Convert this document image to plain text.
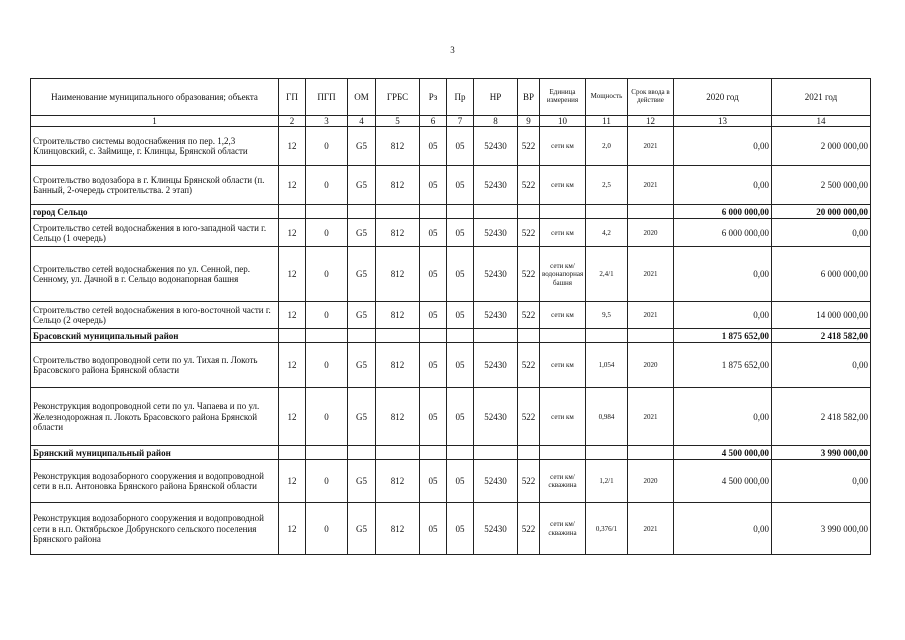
3
Наименование муниципального образования; объекта	ГП	ПГП	ОМ	ГРБС	Рз	Пр	НР	ВР	Единица измерения	Мощность	Срок ввода в действие	2020 год	2021 год
1	2	3	4	5	6	7	8	9	10	11	12	13	14
Строительство системы водоснабжения по пер. 1,2,3 Клинцовский, с. Займище, г. Клинцы, Брянской области	12	0	G5	812	05	05	52430	522	сети км	2,0	2021	0,00	2 000 000,00
Строительство водозабора в г. Клинцы Брянской области (п. Банный, 2-очередь строительства. 2 этап)	12	0	G5	812	05	05	52430	522	сети км	2,5	2021	0,00	2 500 000,00
город Сельцо												6 000 000,00	20 000 000,00
Строительство сетей водоснабжения в юго-западной части г. Сельцо (1 очередь)	12	0	G5	812	05	05	52430	522	сети км	4,2	2020	6 000 000,00	0,00
Строительство сетей водоснабжения по ул. Сенной, пер. Сенному, ул. Дачной в г. Сельцо водонапорная башня	12	0	G5	812	05	05	52430	522	сети км/водонапорная башня	2,4/1	2021	0,00	6 000 000,00
Строительство сетей водоснабжения в юго-восточной части г. Сельцо (2 очередь)	12	0	G5	812	05	05	52430	522	сети км	9,5	2021	0,00	14 000 000,00
Брасовский муниципальный район												1 875 652,00	2 418 582,00
Строительство водопроводной сети по ул. Тихая п. Локоть Брасовского района Брянской области	12	0	G5	812	05	05	52430	522	сети км	1,054	2020	1 875 652,00	0,00
Реконструкция водопроводной сети по ул. Чапаева и по ул. Железнодорожная п. Локоть Брасовского района Брянской области	12	0	G5	812	05	05	52430	522	сети км	0,984	2021	0,00	2 418 582,00
Брянский муниципальный район												4 500 000,00	3 990 000,00
Реконструкция водозаборного сооружения и водопроводной сети в н.п. Антоновка Брянского района Брянской области	12	0	G5	812	05	05	52430	522	сети км/скважина	1,2/1	2020	4 500 000,00	0,00
Реконструкция водозаборного сооружения и водопроводной сети в н.п. Октябрьское Добрунского сельского поселения Брянского района	12	0	G5	812	05	05	52430	522	сети км/скважина	0,376/1	2021	0,00	3 990 000,00
